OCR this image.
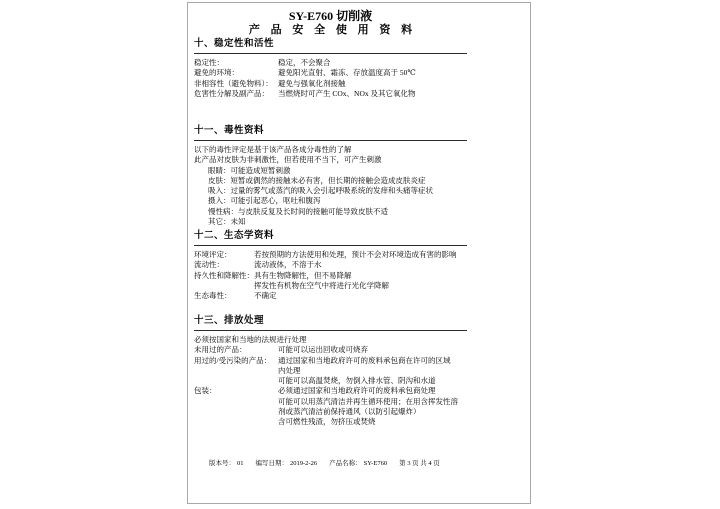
SY-E760 切削液
产 品 安 全 使 用 资 料
十、稳定性和活性
稳定性：	稳定，不会聚合
避免的环境：	避免阳光直射、霜冻、存放温度高于 50℃
非相容性（避免物料）： 避免与强氧化剂接触
危害性分解及副产品：	当燃烧时可产生 COx、NOx 及其它氧化物
十一、毒性资料
以下的毒性评定是基于该产品各成分毒性的了解
此产品对皮肤为非刺激性，但若使用不当下，可产生刺激
眼睛：可能造成短暂刺激
皮肤：短暂或偶然的接触未必有害，但长期的接触会造成皮肤炎症
吸入：过量的雾气或蒸汽的吸入会引起呼吸系统的发痒和头痛等症状
摄入：可能引起恶心，呕吐和腹泻
慢性病：与皮肤反复及长时间的接触可能导致皮肤不适
其它：未知
十二、生态学资料
环境评定：	若按预期的方法使用和处理，预计不会对环境造成有害的影响
流动性：	流动液体，不溶于水
持久性和降解性： 具有生物降解性，但不易降解
挥发性有机物在空气中将进行光化学降解
生态毒性：	不确定
十三、排放处理
必须按国家和当地的法规进行处理
未用过的产品：	可能可以运出回收或可烧弃
用过的/受污染的产品： 通过国家和当地政府许可的废料承包商在许可的区域
内处理
可能可以高温焚烧，勿倒入排水管、阴沟和水道
包装：	必须通过国家和当地政府许可的废料承包商处理
可能可以用蒸汽清洁并再生循环使用；在用含挥发性溶
剂或蒸汽清洁前保持通风（以防引起爆炸）
含可燃性残渣，勿挤压或焚烧
版本号： 01 编写日期： 2019-2-26 产品名称： SY-E760 第 3 页 共 4 页
